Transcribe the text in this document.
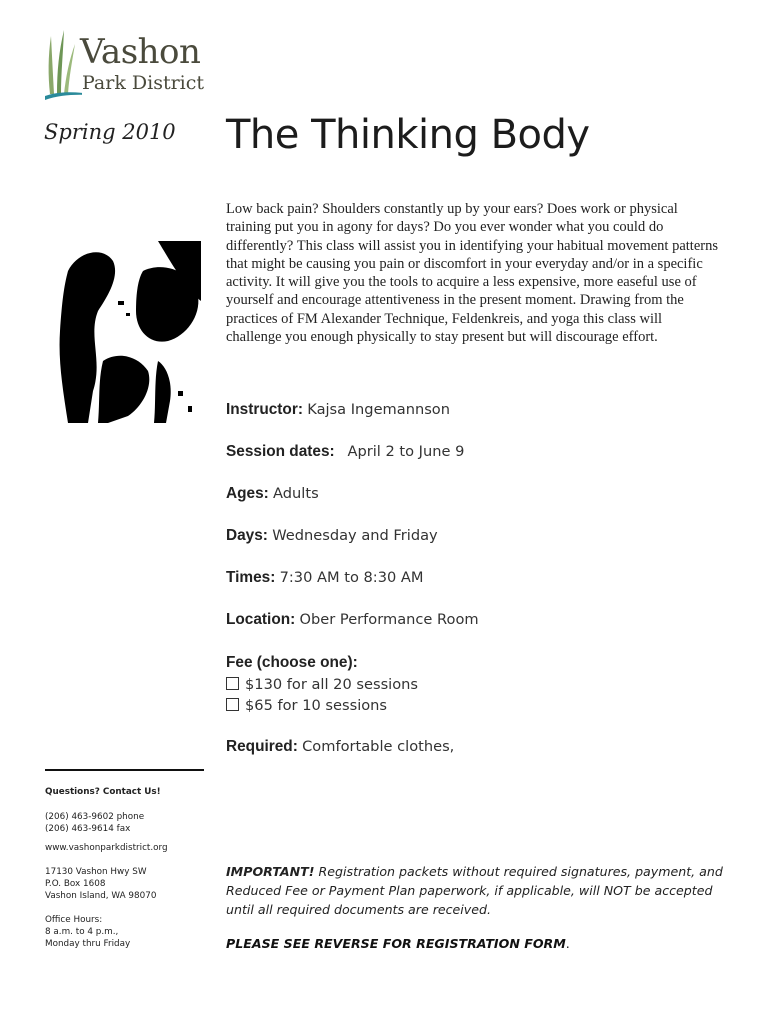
Vashon
Park District
Spring 2010 The Thinking Body
Low back pain? Shoulders constantly up by your ears? Does work or physical training put you in agony for days? Do you ever wonder what you could do differently? This class will assist you in identifying your habitual movement patterns that might be causing you pain or discomfort in your everyday and/or in a specific activity. It will give you the tools to acquire a less expensive, more easeful use of yourself and encourage attentiveness in the present moment. Drawing from the practices of FM Alexander Technique, Feldenkreis, and yoga this class will challenge you enough physically to stay present but will discourage effort.
Instructor: Kajsa Ingemannson
Session dates: April 2 to June 9
Ages: Adults
Days: Wednesday and Friday
Times: 7:30 AM to 8:30 AM
Location: Ober Performance Room
Fee (choose one):
$130 for all 20 sessions
$65 for 10 sessions
Required: Comfortable clothes,
Questions? Contact Us!
(206) 463-9602 phone
(206) 463-9614 fax
www.vashonparkdistrict.org
17130 Vashon Hwy SW
P.O. Box 1608
Vashon Island, WA 98070
Office Hours:
8 a.m. to 4 p.m.,
Monday thru Friday
IMPORTANT! Registration packets without required signatures, payment, and Reduced Fee or Payment Plan paperwork, if applicable, will NOT be accepted until all required documents are received.
PLEASE SEE REVERSE FOR REGISTRATION FORM.
